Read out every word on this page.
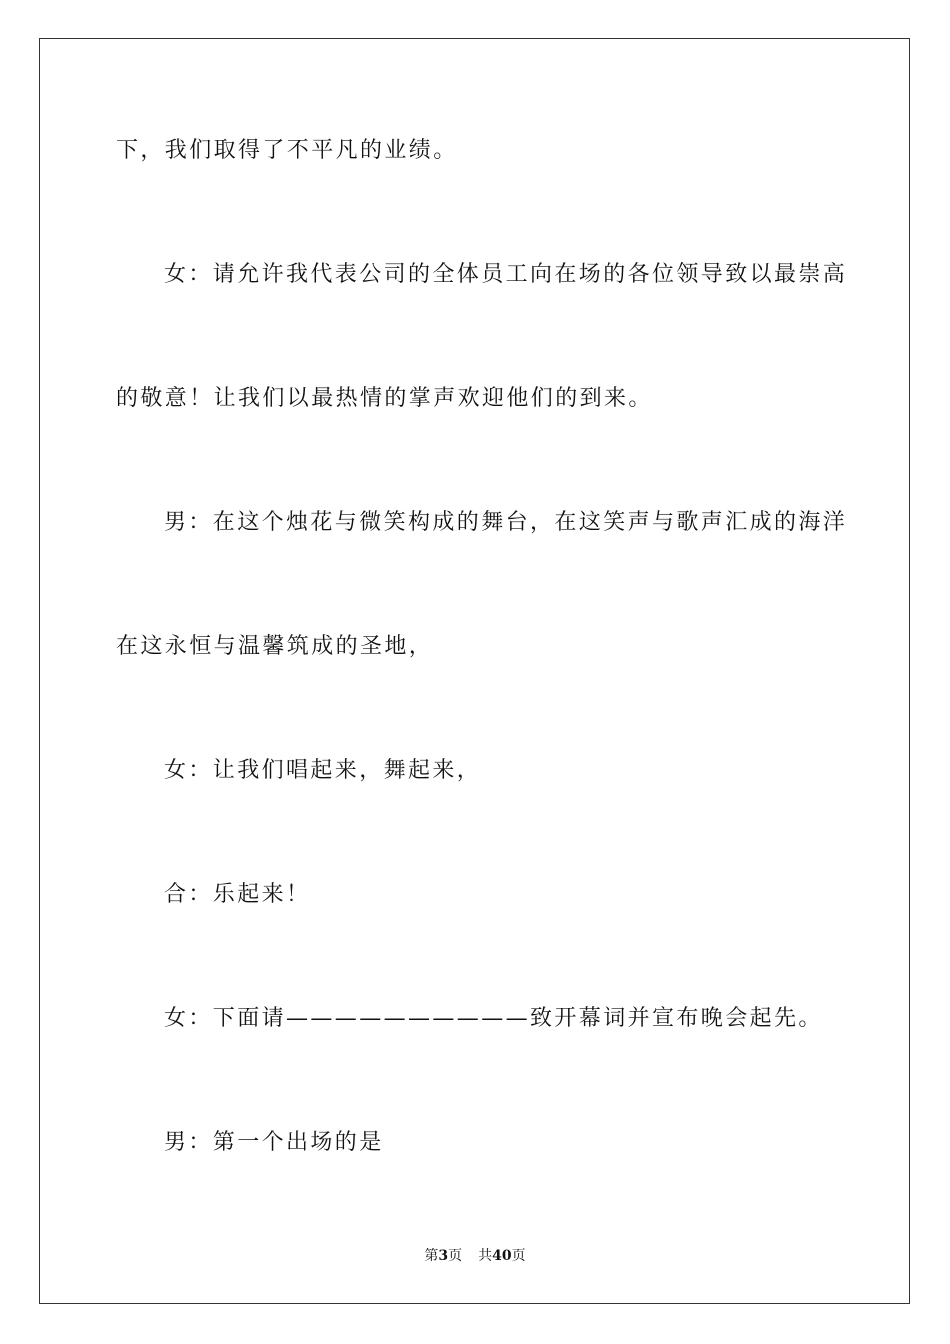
下，我们取得了不平凡的业绩。
女：请允许我代表公司的全体员工向在场的各位领导致以最崇高
的敬意！让我们以最热情的掌声欢迎他们的到来。
男：在这个烛花与微笑构成的舞台，在这笑声与歌声汇成的海洋
在这永恒与温馨筑成的圣地，
女：让我们唱起来，舞起来，
合：乐起来！
女：下面请——————————致开幕词并宣布晚会起先。
男：第一个出场的是
第3页 共40页
